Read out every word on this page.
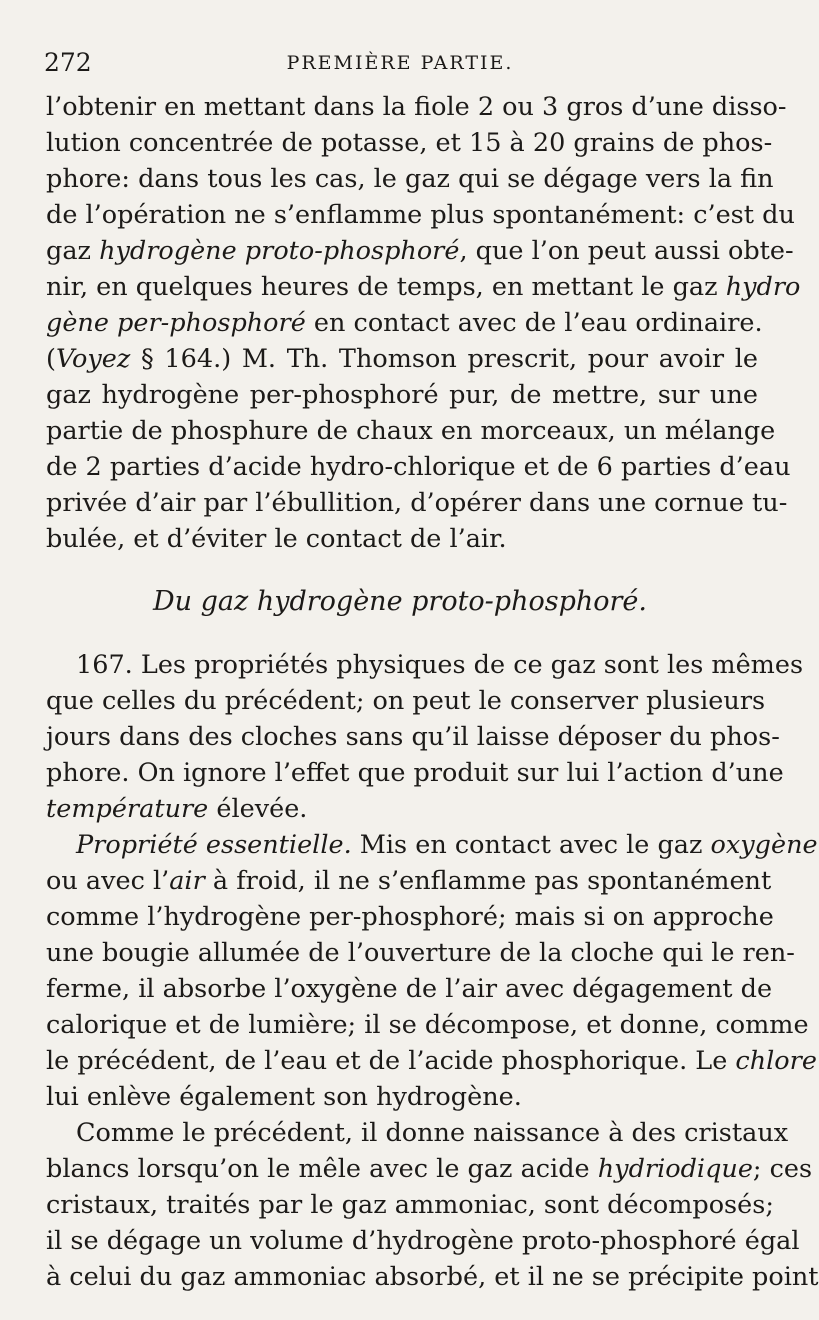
272	PREMIÈRE PARTIE.
l’obtenir en mettant dans la fiole 2 ou 3 gros d’une disso-
lution concentrée de potasse, et 15 à 20 grains de phos-
phore: dans tous les cas, le gaz qui se dégage vers la fin
de l’opération ne s’enflamme plus spontanément: c’est du
gaz hydrogène proto-phosphoré, que l’on peut aussi obte-
nir, en quelques heures de temps, en mettant le gaz hydro
gène per-phosphoré en contact avec de l’eau ordinaire.
(Voyez § 164.) M. Th. Thomson prescrit, pour avoir le
gaz hydrogène per-phosphoré pur, de mettre, sur une
partie de phosphure de chaux en morceaux, un mélange
de 2 parties d’acide hydro-chlorique et de 6 parties d’eau
privée d’air par l’ébullition, d’opérer dans une cornue tu-
bulée, et d’éviter le contact de l’air.
Du gaz hydrogène proto-phosphoré.
167. Les propriétés physiques de ce gaz sont les mêmes
que celles du précédent; on peut le conserver plusieurs
jours dans des cloches sans qu’il laisse déposer du phos-
phore. On ignore l’effet que produit sur lui l’action d’une
température élevée.
Propriété essentielle. Mis en contact avec le gaz oxygène
ou avec l’air à froid, il ne s’enflamme pas spontanément
comme l’hydrogène per-phosphoré; mais si on approche
une bougie allumée de l’ouverture de la cloche qui le ren-
ferme, il absorbe l’oxygène de l’air avec dégagement de
calorique et de lumière; il se décompose, et donne, comme
le précédent, de l’eau et de l’acide phosphorique. Le chlore
lui enlève également son hydrogène.
Comme le précédent, il donne naissance à des cristaux
blancs lorsqu’on le mêle avec le gaz acide hydriodique; ces
cristaux, traités par le gaz ammoniac, sont décomposés;
il se dégage un volume d’hydrogène proto-phosphoré égal
à celui du gaz ammoniac absorbé, et il ne se précipite point
